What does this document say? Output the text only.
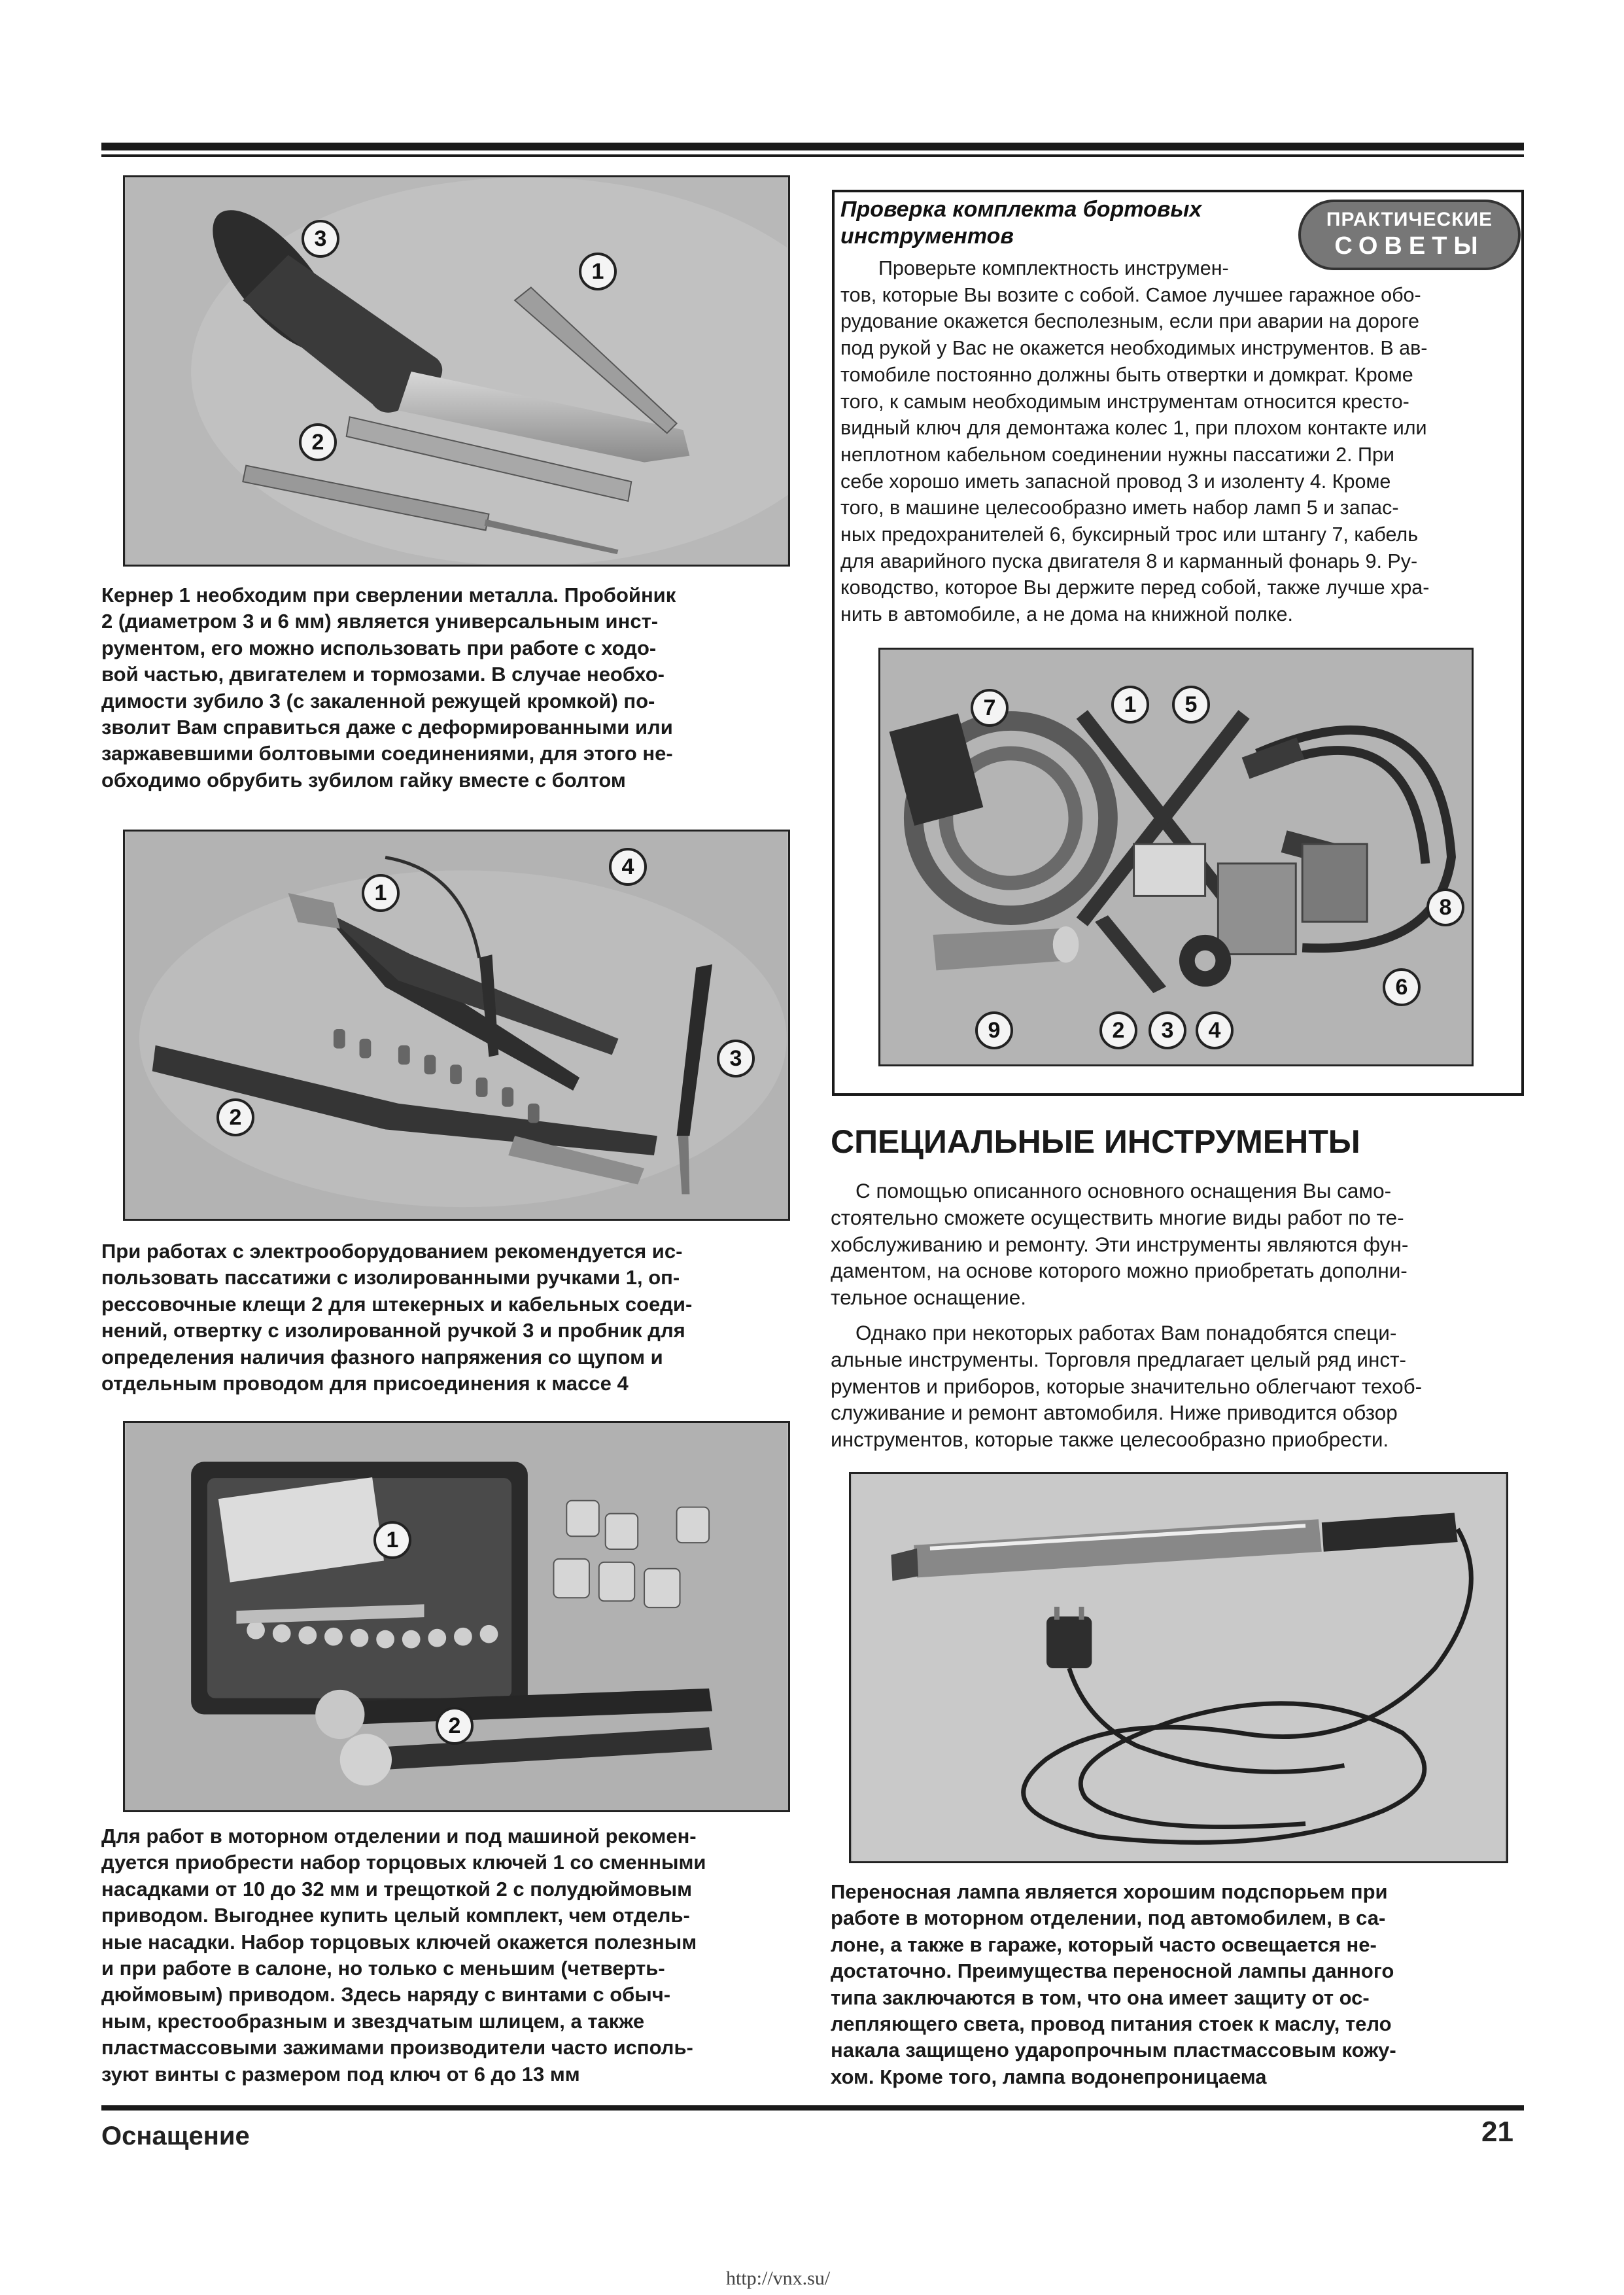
3
1
2
Кернер 1 необходим при сверлении металла. Пробойник
2 (диаметром 3 и 6 мм) является универсальным инст-
рументом, его можно использовать при работе с ходо-
вой частью, двигателем и тормозами. В случае необхо-
димости зубило 3 (с закаленной режущей кромкой) по-
зволит Вам справиться даже с деформированными или
заржавевшими болтовыми соединениями, для этого не-
обходимо обрубить зубилом гайку вместе с болтом
1
4
3
2
При работах с электрооборудованием рекомендуется ис-
пользовать пассатижи с изолированными ручками 1, оп-
рессовочные клещи 2 для штекерных и кабельных соеди-
нений, отвертку с изолированной ручкой 3 и пробник для
определения наличия фазного напряжения со щупом и
отдельным проводом для присоединения к массе 4
1
2
Для работ в моторном отделении и под машиной рекомен-
дуется приобрести набор торцовых ключей 1 со сменными
насадками от 10 до 32 мм и трещоткой 2 с полудюймовым
приводом. Выгоднее купить целый комплект, чем отдель-
ные насадки. Набор торцовых ключей окажется полезным
и при работе в салоне, но только с меньшим (четверть-
дюймовым) приводом. Здесь наряду с винтами с обыч-
ным, крестообразным и звездчатым шлицем, а также
пластмассовыми зажимами производители часто исполь-
зуют винты с размером под ключ от 6 до 13 мм
Проверка комплекта бортовых
инструментов
ПРАКТИЧЕСКИЕ
СОВЕТЫ
Проверьте комплектность инструмен-
тов, которые Вы возите с собой. Самое лучшее гаражное обо-
рудование окажется бесполезным, если при аварии на дороге
под рукой у Вас не окажется необходимых инструментов. В ав-
томобиле постоянно должны быть отвертки и домкрат. Кроме
того, к самым необходимым инструментам относится кресто-
видный ключ для демонтажа колес 1, при плохом контакте или
неплотном кабельном соединении нужны пассатижи 2. При
себе хорошо иметь запасной провод 3 и изоленту 4. Кроме
того, в машине целесообразно иметь набор ламп 5 и запас-
ных предохранителей 6, буксирный трос или штангу 7, кабель
для аварийного пуска двигателя 8 и карманный фонарь 9. Ру-
ководство, которое Вы держите перед собой, также лучше хра-
нить в автомобиле, а не дома на книжной полке.
7	1	5
8
6
9	2	3	4
СПЕЦИАЛЬНЫЕ ИНСТРУМЕНТЫ
С помощью описанного основного оснащения Вы само-
стоятельно сможете осуществить многие виды работ по те-
хобслуживанию и ремонту. Эти инструменты являются фун-
даментом, на основе которого можно приобретать дополни-
тельное оснащение.
Однако при некоторых работах Вам понадобятся специ-
альные инструменты. Торговля предлагает целый ряд инст-
рументов и приборов, которые значительно облегчают техоб-
служивание и ремонт автомобиля. Ниже приводится обзор
инструментов, которые также целесообразно приобрести.
Переносная лампа является хорошим подспорьем при
работе в моторном отделении, под автомобилем, в са-
лоне, а также в гараже, который часто освещается не-
достаточно. Преимущества переносной лампы данного
типа заключаются в том, что она имеет защиту от ос-
лепляющего света, провод питания стоек к маслу, тело
накала защищено ударопрочным пластмассовым кожу-
хом. Кроме того, лампа водонепроницаема
Оснащение	21
http://vnx.su/
